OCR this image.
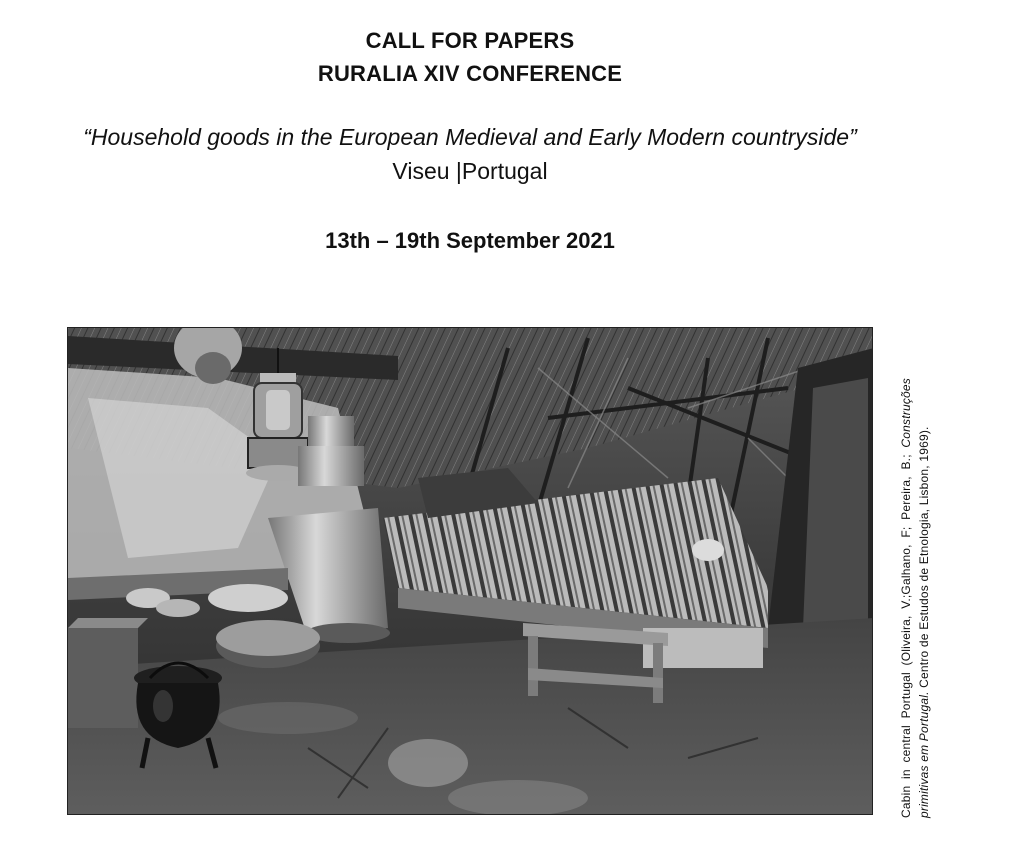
CALL FOR PAPERS
RURALIA XIV CONFERENCE
“Household goods in the European Medieval and Early Modern countryside”
Viseu |Portugal
13th – 19th September 2021
Cabin in central Portugal (Oliveira, V.;Galhano, F; Pereira, B.; Construções primitivas em Portugal. Centro de Estudos de Etnologia, Lisbon, 1969).
